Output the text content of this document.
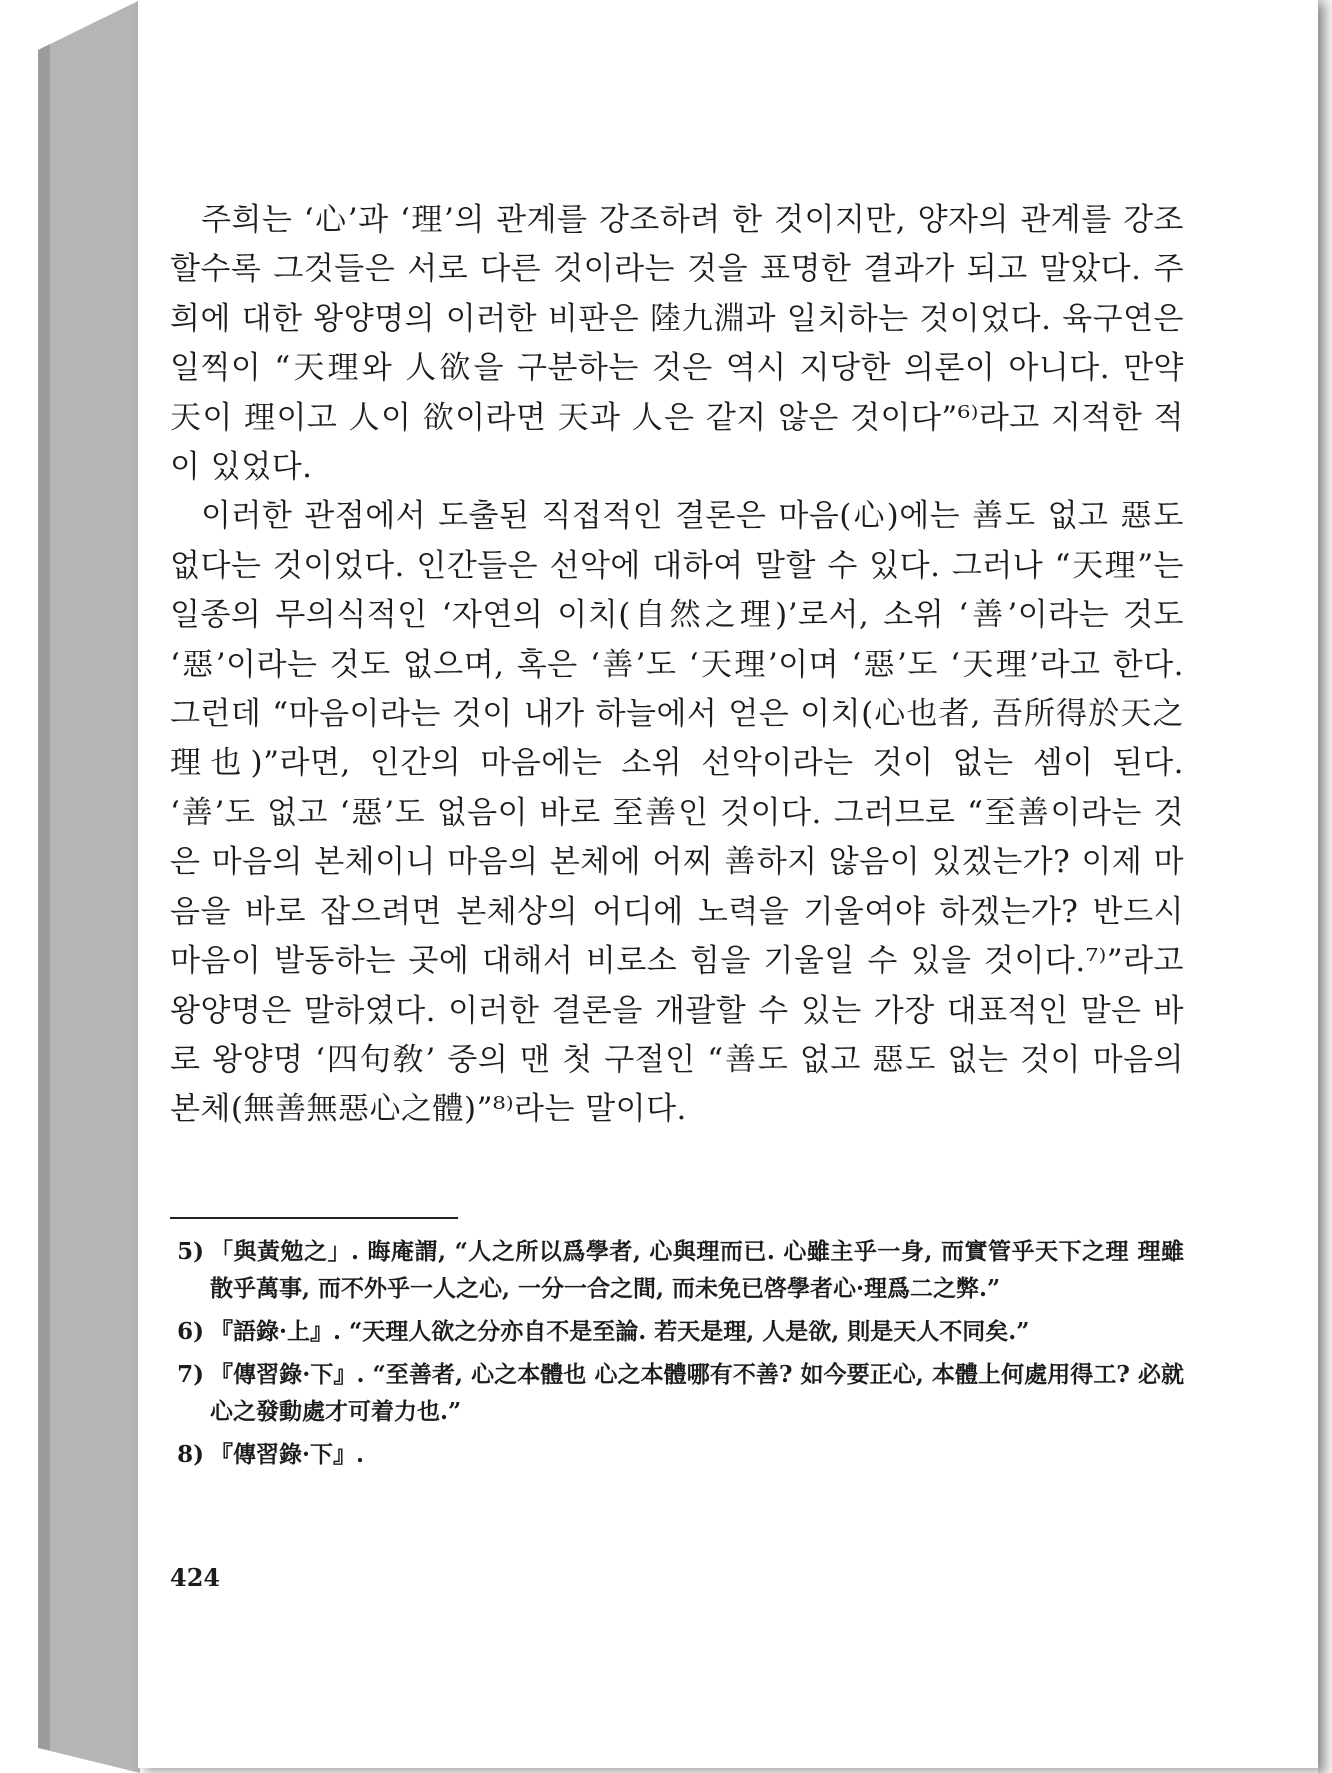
주희는 ‘心’과 ‘理’의 관계를 강조하려 한 것이지만, 양자의 관계를 강조할수록 그것들은 서로 다른 것이라는 것을 표명한 결과가 되고 말았다. 주희에 대한 왕양명의 이러한 비판은 陸九淵과 일치하는 것이었다. 육구연은 일찍이 “天理와 人欲을 구분하는 것은 역시 지당한 의론이 아니다. 만약 天이 理이고 人이 欲이라면 天과 人은 같지 않은 것이다”⁶⁾라고 지적한 적이 있었다.

이러한 관점에서 도출된 직접적인 결론은 마음(心)에는 善도 없고 惡도 없다는 것이었다. 인간들은 선악에 대하여 말할 수 있다. 그러나 “天理”는 일종의 무의식적인 ‘자연의 이치(自然之理)’로서, 소위 ‘善’이라는 것도 ‘惡’이라는 것도 없으며, 혹은 ‘善’도 ‘天理’이며 ‘惡’도 ‘天理’라고 한다. 그런데 “마음이라는 것이 내가 하늘에서 얻은 이치(心也者, 吾所得於天之理也)”라면, 인간의 마음에는 소위 선악이라는 것이 없는 셈이 된다. ‘善’도 없고 ‘惡’도 없음이 바로 至善인 것이다. 그러므로 “至善이라는 것은 마음의 본체이니 마음의 본체에 어찌 善하지 않음이 있겠는가? 이제 마음을 바로 잡으려면 본체상의 어디에 노력을 기울여야 하겠는가? 반드시 마음이 발동하는 곳에 대해서 비로소 힘을 기울일 수 있을 것이다.⁷⁾”라고 왕양명은 말하였다. 이러한 결론을 개괄할 수 있는 가장 대표적인 말은 바로 왕양명 ‘四句敎’ 중의 맨 첫 구절인 “善도 없고 惡도 없는 것이 마음의 본체(無善無惡心之體)”⁸⁾라는 말이다.

5) 「與黃勉之」. 晦庵謂, “人之所以爲學者, 心與理而已. 心雖主乎一身, 而實管乎天下之理 理雖散乎萬事, 而不外乎一人之心, 一分一合之間, 而未免已啓學者心·理爲二之弊.”
6) 『語錄·上』. “天理人欲之分亦自不是至論. 若天是理, 人是欲, 則是天人不同矣.”
7) 『傳習錄·下』. “至善者, 心之本體也 心之本體哪有不善? 如今要正心, 本體上何處用得工? 必就心之發動處才可着力也.”
8) 『傳習錄·下』.
424
